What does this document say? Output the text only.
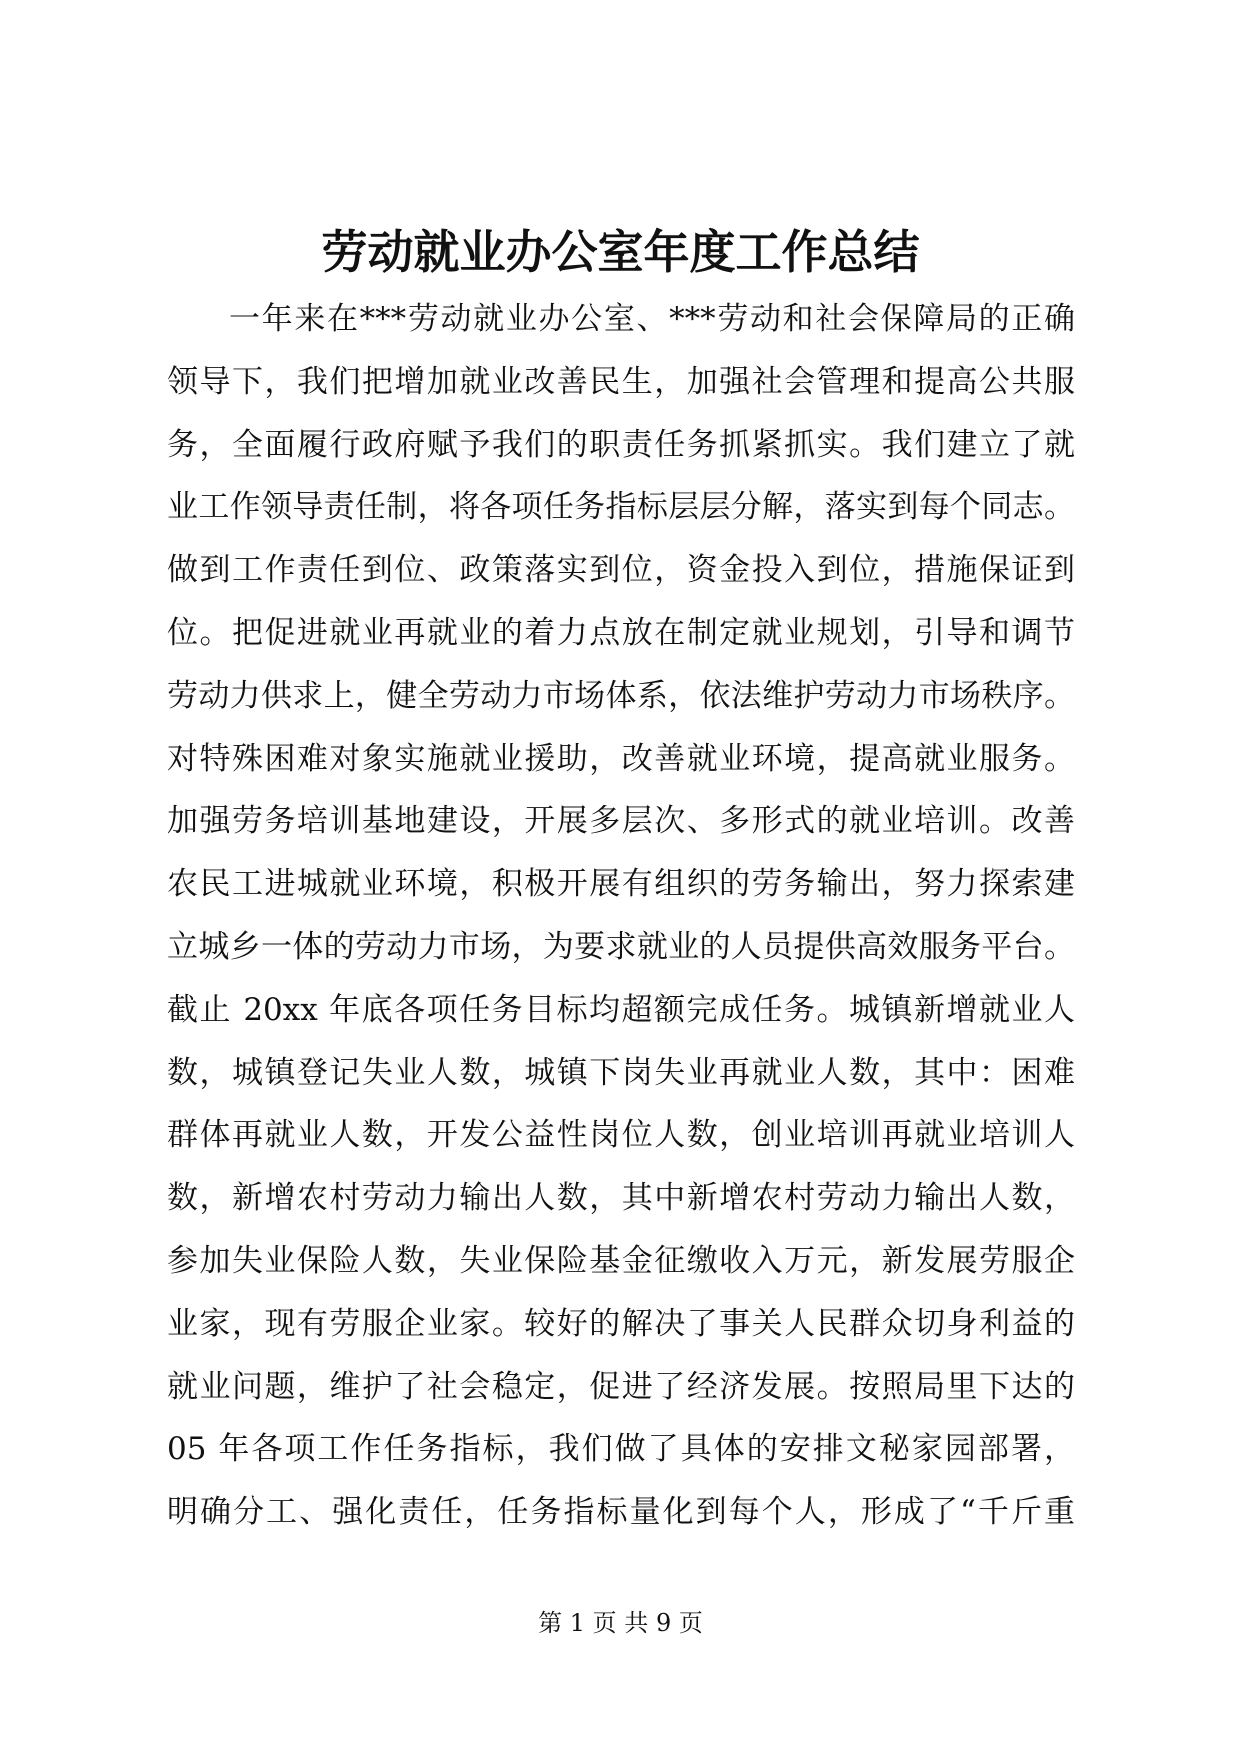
劳动就业办公室年度工作总结
一年来在***劳动就业办公室、***劳动和社会保障局的正确
领导下，我们把增加就业改善民生，加强社会管理和提高公共服
务，全面履行政府赋予我们的职责任务抓紧抓实。我们建立了就
业工作领导责任制，将各项任务指标层层分解，落实到每个同志。
做到工作责任到位、政策落实到位，资金投入到位，措施保证到
位。把促进就业再就业的着力点放在制定就业规划，引导和调节
劳动力供求上，健全劳动力市场体系，依法维护劳动力市场秩序。
对特殊困难对象实施就业援助，改善就业环境，提高就业服务。
加强劳务培训基地建设，开展多层次、多形式的就业培训。改善
农民工进城就业环境，积极开展有组织的劳务输出，努力探索建
立城乡一体的劳动力市场，为要求就业的人员提供高效服务平台。
截止 20xx 年底各项任务目标均超额完成任务。城镇新增就业人
数，城镇登记失业人数，城镇下岗失业再就业人数，其中：困难
群体再就业人数，开发公益性岗位人数，创业培训再就业培训人
数，新增农村劳动力输出人数，其中新增农村劳动力输出人数，
参加失业保险人数，失业保险基金征缴收入万元，新发展劳服企
业家，现有劳服企业家。较好的解决了事关人民群众切身利益的
就业问题，维护了社会稳定，促进了经济发展。按照局里下达的
05 年各项工作任务指标，我们做了具体的安排文秘家园部署，
明确分工、强化责任，任务指标量化到每个人，形成了“千斤重
第 1 页 共 9 页
